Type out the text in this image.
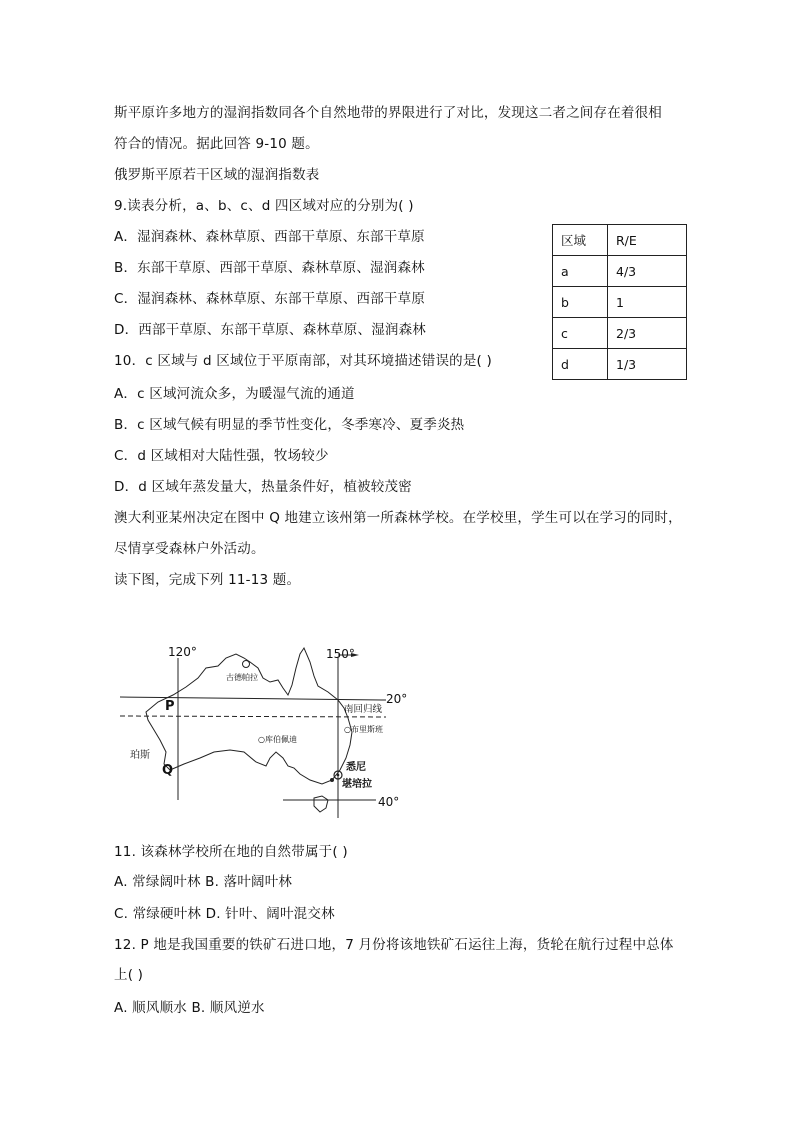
斯平原许多地方的湿润指数同各个自然地带的界限进行了对比，发现这二者之间存在着很相
符合的情况。据此回答 9-10 题。
俄罗斯平原若干区域的湿润指数表
9.读表分析，a、b、c、d 四区域对应的分别为( )
A．湿润森林、森林草原、西部干草原、东部干草原
B．东部干草原、西部干草原、森林草原、湿润森林
C．湿润森林、森林草原、东部干草原、西部干草原
D．西部干草原、东部干草原、森林草原、湿润森林
区域	R/E
a	4/3
b	1
c	2/3
d	1/3
10．c 区域与 d 区域位于平原南部，对其环境描述错误的是( )
A．c 区域河流众多，为暖湿气流的通道
B．c 区域气候有明显的季节性变化，冬季寒冷、夏季炎热
C．d 区域相对大陆性强，牧场较少
D．d 区域年蒸发量大，热量条件好，植被较茂密
澳大利亚某州决定在图中 Q 地建立该州第一所森林学校。在学校里，学生可以在学习的同时，
尽情享受森林户外活动。
读下图，完成下列 11-13 题。
120°	150°
20°
40°
南回归线
P
Q
珀斯
古德帕拉
○库伯佩迪
○布里斯班
悉尼
堪培拉
11. 该森林学校所在地的自然带属于( )
A. 常绿阔叶林 B. 落叶阔叶林
C. 常绿硬叶林 D. 针叶、阔叶混交林
12. P 地是我国重要的铁矿石进口地，7 月份将该地铁矿石运往上海，货轮在航行过程中总体
上( )
A. 顺风顺水 B. 顺风逆水
